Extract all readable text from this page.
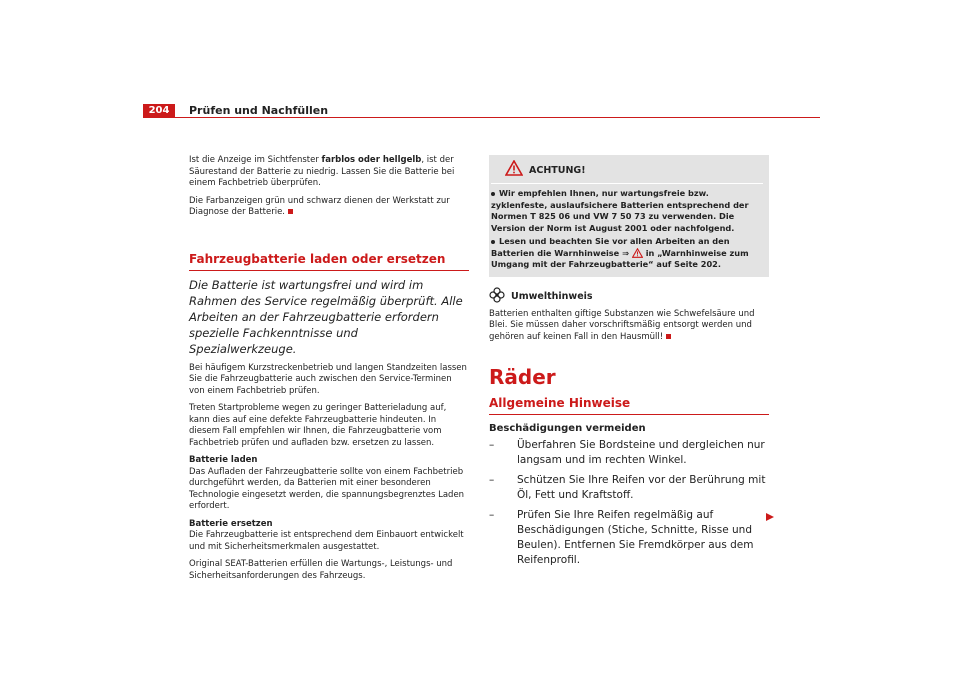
204	Prüfen und Nachfüllen

Ist die Anzeige im Sichtfenster farblos oder hellgelb, ist der Säurestand der Batterie zu niedrig. Lassen Sie die Batterie bei einem Fachbetrieb überprüfen.

Die Farbanzeigen grün und schwarz dienen der Werkstatt zur Diagnose der Batterie.

Fahrzeugbatterie laden oder ersetzen
Die Batterie ist wartungsfrei und wird im Rahmen des Service regelmäßig überprüft. Alle Arbeiten an der Fahrzeugbatterie erfordern spezielle Fachkenntnisse und Spezialwerkzeuge.

Bei häufigem Kurzstreckenbetrieb und langen Standzeiten lassen Sie die Fahrzeugbatterie auch zwischen den Service-Terminen von einem Fachbetrieb prüfen.

Treten Startprobleme wegen zu geringer Batterieladung auf, kann dies auf eine defekte Fahrzeugbatterie hindeuten. In diesem Fall empfehlen wir Ihnen, die Fahrzeugbatterie vom Fachbetrieb prüfen und aufladen bzw. ersetzen zu lassen.

Batterie laden

Das Aufladen der Fahrzeugbatterie sollte von einem Fachbetrieb durchgeführt werden, da Batterien mit einer besonderen Technologie eingesetzt werden, die spannungsbegrenztes Laden erfordert.

Batterie ersetzen

Die Fahrzeugbatterie ist entsprechend dem Einbauort entwickelt und mit Sicherheitsmerkmalen ausgestattet.

Original SEAT-Batterien erfüllen die Wartungs-, Leistungs- und Sicherheitsanforderungen des Fahrzeugs.

ACHTUNG!
Wir empfehlen Ihnen, nur wartungsfreie bzw. zyklenfeste, auslaufsichere Batterien entsprechend der Normen T 825 06 und VW 7 50 73 zu verwenden. Die Version der Norm ist August 2001 oder nachfolgend.
Lesen und beachten Sie vor allen Arbeiten an den Batterien die Warnhinweise ⇒ in „Warnhinweise zum Umgang mit der Fahrzeugbatterie“ auf Seite 202.
Umwelthinweis

Batterien enthalten giftige Substanzen wie Schwefelsäure und Blei. Sie müssen daher vorschriftsmäßig entsorgt werden und gehören auf keinen Fall in den Hausmüll!

Räder
Allgemeine Hinweise
Beschädigungen vermeiden
– Überfahren Sie Bordsteine und dergleichen nur langsam und im rechten Winkel.
– Schützen Sie Ihre Reifen vor der Berührung mit Öl, Fett und Kraftstoff.
– Prüfen Sie Ihre Reifen regelmäßig auf Beschädigungen (Stiche, Schnitte, Risse und Beulen). Entfernen Sie Fremdkörper aus dem Reifenprofil.
